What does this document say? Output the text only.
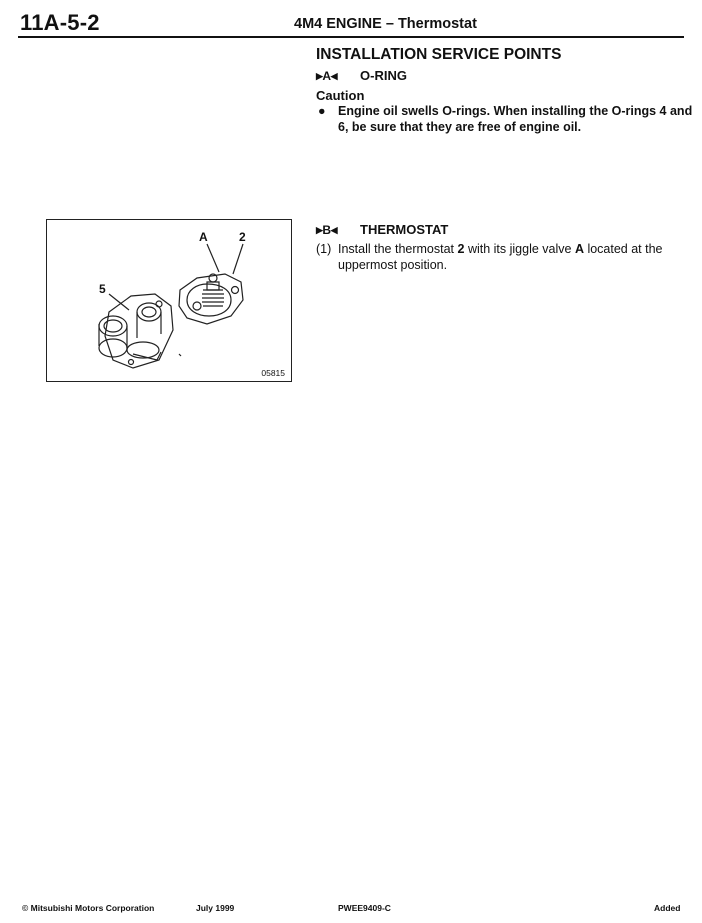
11A-5-2	4M4 ENGINE – Thermostat
INSTALLATION SERVICE POINTS
▶A◀ O-RING
Caution
● Engine oil swells O-rings. When installing the O-rings 4 and 6, be sure that they are free of engine oil.
▶B◀ THERMOSTAT
(1) Install the thermostat 2 with its jiggle valve A located at the uppermost position.
A	2
5
05815
© Mitsubishi Motors Corporation	July 1999	PWEE9409-C	Added
